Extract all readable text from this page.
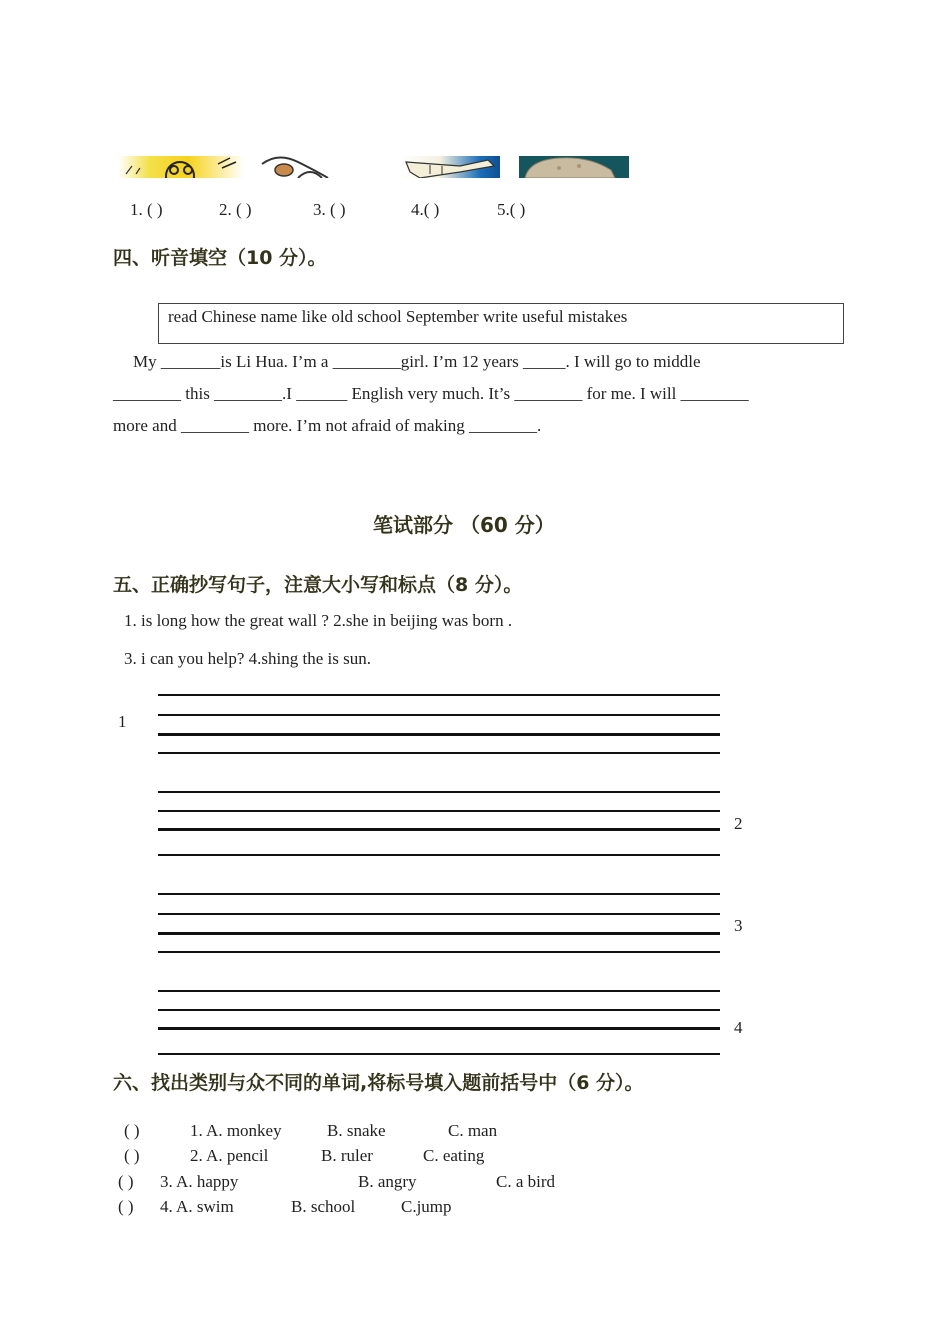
1. ( )	2. ( )	3. ( )	4.( )	5.( )
四、听音填空（10 分）。
read Chinese name like old school September write useful mistakes
My _______is Li Hua. I’m a ________girl. I’m 12 years _____. I will go to middle
________ this ________.I ______ English very much. It’s ________ for me. I will ________
more and ________ more. I’m not afraid of making ________.
笔试部分 （60 分）
五、正确抄写句子，注意大小写和标点（8 分）。
1. is long how the great wall ? 2.she in beijing was born .
3. i can you help? 4.shing the is sun.
1
2
3
4
六、找出类别与众不同的单词,将标号填入题前括号中（6 分）。
( )	1. A. monkey	B. snake	C. man
( )	2. A. pencil	B. ruler	C. eating
( ) 3. A. happy	B. angry	C. a bird
( ) 4. A. swim	B. school	C.jump
